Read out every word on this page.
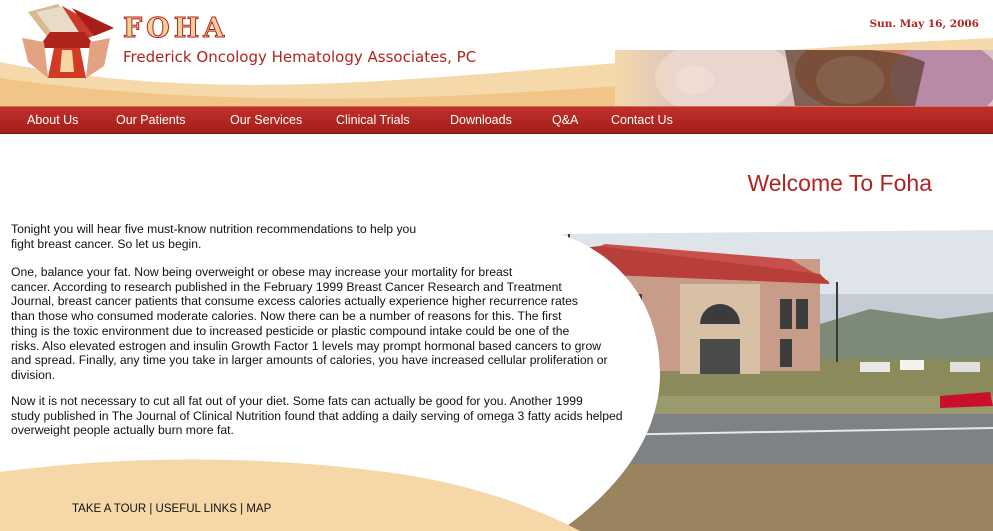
FOHA
Frederick Oncology Hematology Associates, PC
Sun. May 16, 2006
About Us	Our Patients	Our Services	Clinical Trials	Downloads	Q&A	Contact Us
Welcome To Foha

Tonight you will hear five must-know nutrition recommendations to help you
fight breast cancer. So let us begin.

One, balance your fat. Now being overweight or obese may increase your mortality for breast
cancer. According to research published in the February 1999 Breast Cancer Research and Treatment
Journal, breast cancer patients that consume excess calories actually experience higher recurrence rates
than those who consumed moderate calories. Now there can be a number of reasons for this. The first
thing is the toxic environment due to increased pesticide or plastic compound intake could be one of the
risks. Also elevated estrogen and insulin Growth Factor 1 levels may prompt hormonal based cancers to grow
and spread. Finally, any time you take in larger amounts of calories, you have increased cellular proliferation or
division.

Now it is not necessary to cut all fat out of your diet. Some fats can actually be good for you. Another 1999
study published in The Journal of Clinical Nutrition found that adding a daily serving of omega 3 fatty acids helped
overweight people actually burn more fat.

TAKE A TOUR | USEFUL LINKS | MAP
